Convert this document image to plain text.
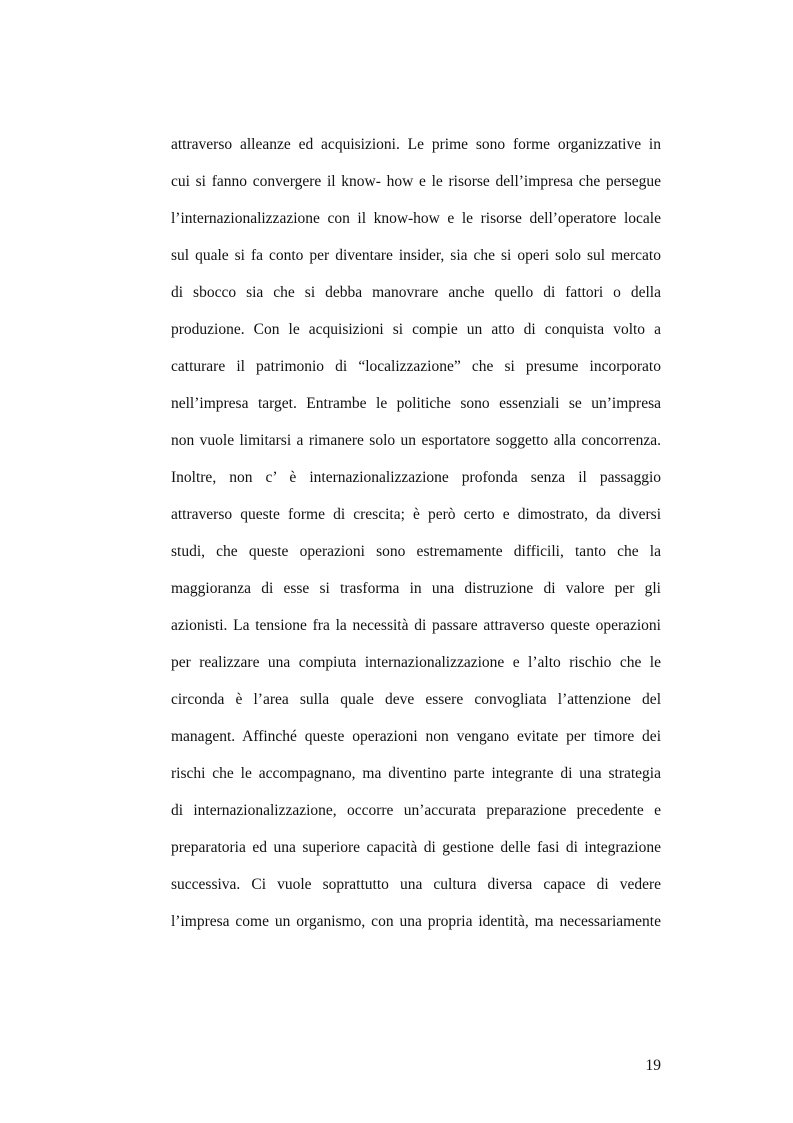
attraverso alleanze ed acquisizioni. Le prime sono forme organizzative in
cui si fanno convergere il know- how e le risorse dell’impresa che persegue
l’internazionalizzazione con il know-how e le risorse dell’operatore locale
sul quale si fa conto per diventare insider, sia che si operi solo sul mercato
di sbocco sia che si debba manovrare anche quello di fattori o della
produzione. Con le acquisizioni si compie un atto di conquista volto a
catturare il patrimonio di “localizzazione” che si presume incorporato
nell’impresa target. Entrambe le politiche sono essenziali se un’impresa
non vuole limitarsi a rimanere solo un esportatore soggetto alla concorrenza.
Inoltre, non c’ è internazionalizzazione profonda senza il passaggio
attraverso queste forme di crescita; è però certo e dimostrato, da diversi
studi, che queste operazioni sono estremamente difficili, tanto che la
maggioranza di esse si trasforma in una distruzione di valore per gli
azionisti. La tensione fra la necessità di passare attraverso queste operazioni
per realizzare una compiuta internazionalizzazione e l’alto rischio che le
circonda è l’area sulla quale deve essere convogliata l’attenzione del
managent. Affinché queste operazioni non vengano evitate per timore dei
rischi che le accompagnano, ma diventino parte integrante di una strategia
di internazionalizzazione, occorre un’accurata preparazione precedente e
preparatoria ed una superiore capacità di gestione delle fasi di integrazione
successiva. Ci vuole soprattutto una cultura diversa capace di vedere
l’impresa come un organismo, con una propria identità, ma necessariamente
19
